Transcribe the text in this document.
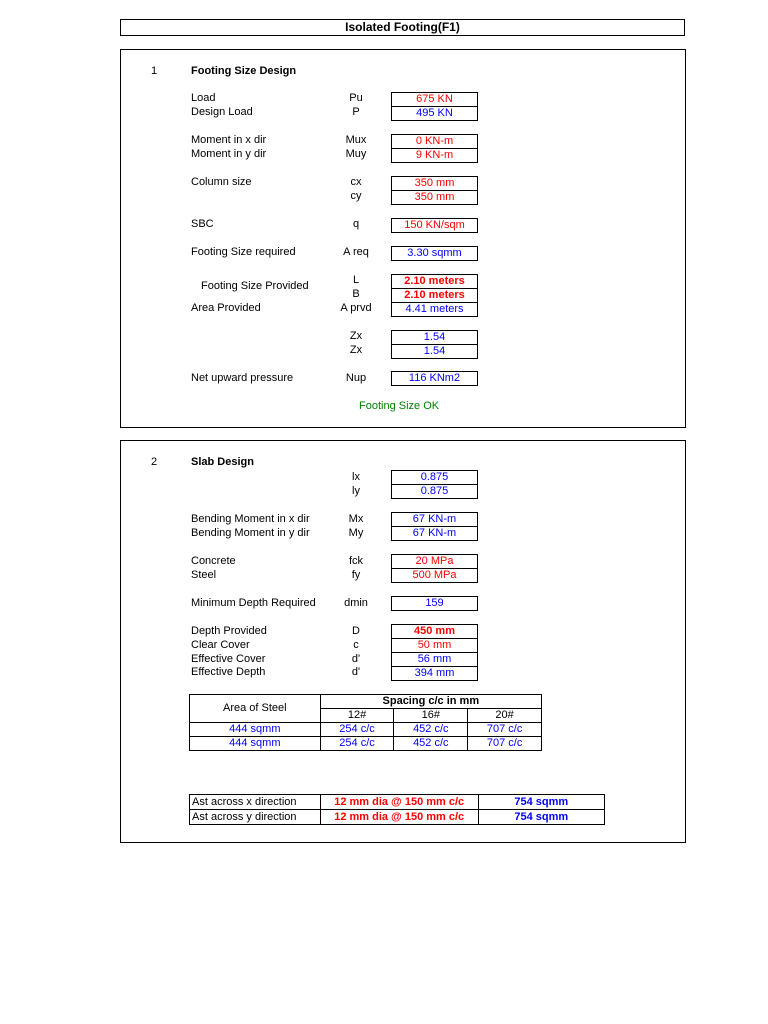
Isolated Footing(F1)
1	Footing Size Design
Load	Pu	675 KN
Design Load	P	495 KN
Moment in x dir	Mux	0 KN-m
Moment in y dir	Muy	9 KN-m
Column size	cx	350 mm
cy	350 mm
SBC	q	150 KN/sqm
Footing Size required	A req	3.30 sqmm
Footing Size Provided	L	2.10 meters
B	2.10 meters
Area Provided	A prvd	4.41 meters
Zx	1.54
Zx	1.54
Net upward pressure	Nup	116 KNm2
Footing Size OK
2	Slab Design
lx	0.875
ly	0.875
Bending Moment in x dir	Mx	67 KN-m
Bending Moment in y dir	My	67 KN-m
Concrete	fck	20 MPa
Steel	fy	500 MPa
Minimum Depth Required	dmin	159
Depth Provided	D	450 mm
Clear Cover	c	50 mm
Effective Cover	d'	56 mm
Effective Depth	d'	394 mm
Area of Steel	Spacing c/c in mm		
	12#	16#	20#
444 sqmm	254 c/c	452 c/c	707 c/c
444 sqmm	254 c/c	452 c/c	707 c/c
Ast across x direction	12 mm dia @ 150 mm c/c	754 sqmm
Ast across y direction	12 mm dia @ 150 mm c/c	754 sqmm
